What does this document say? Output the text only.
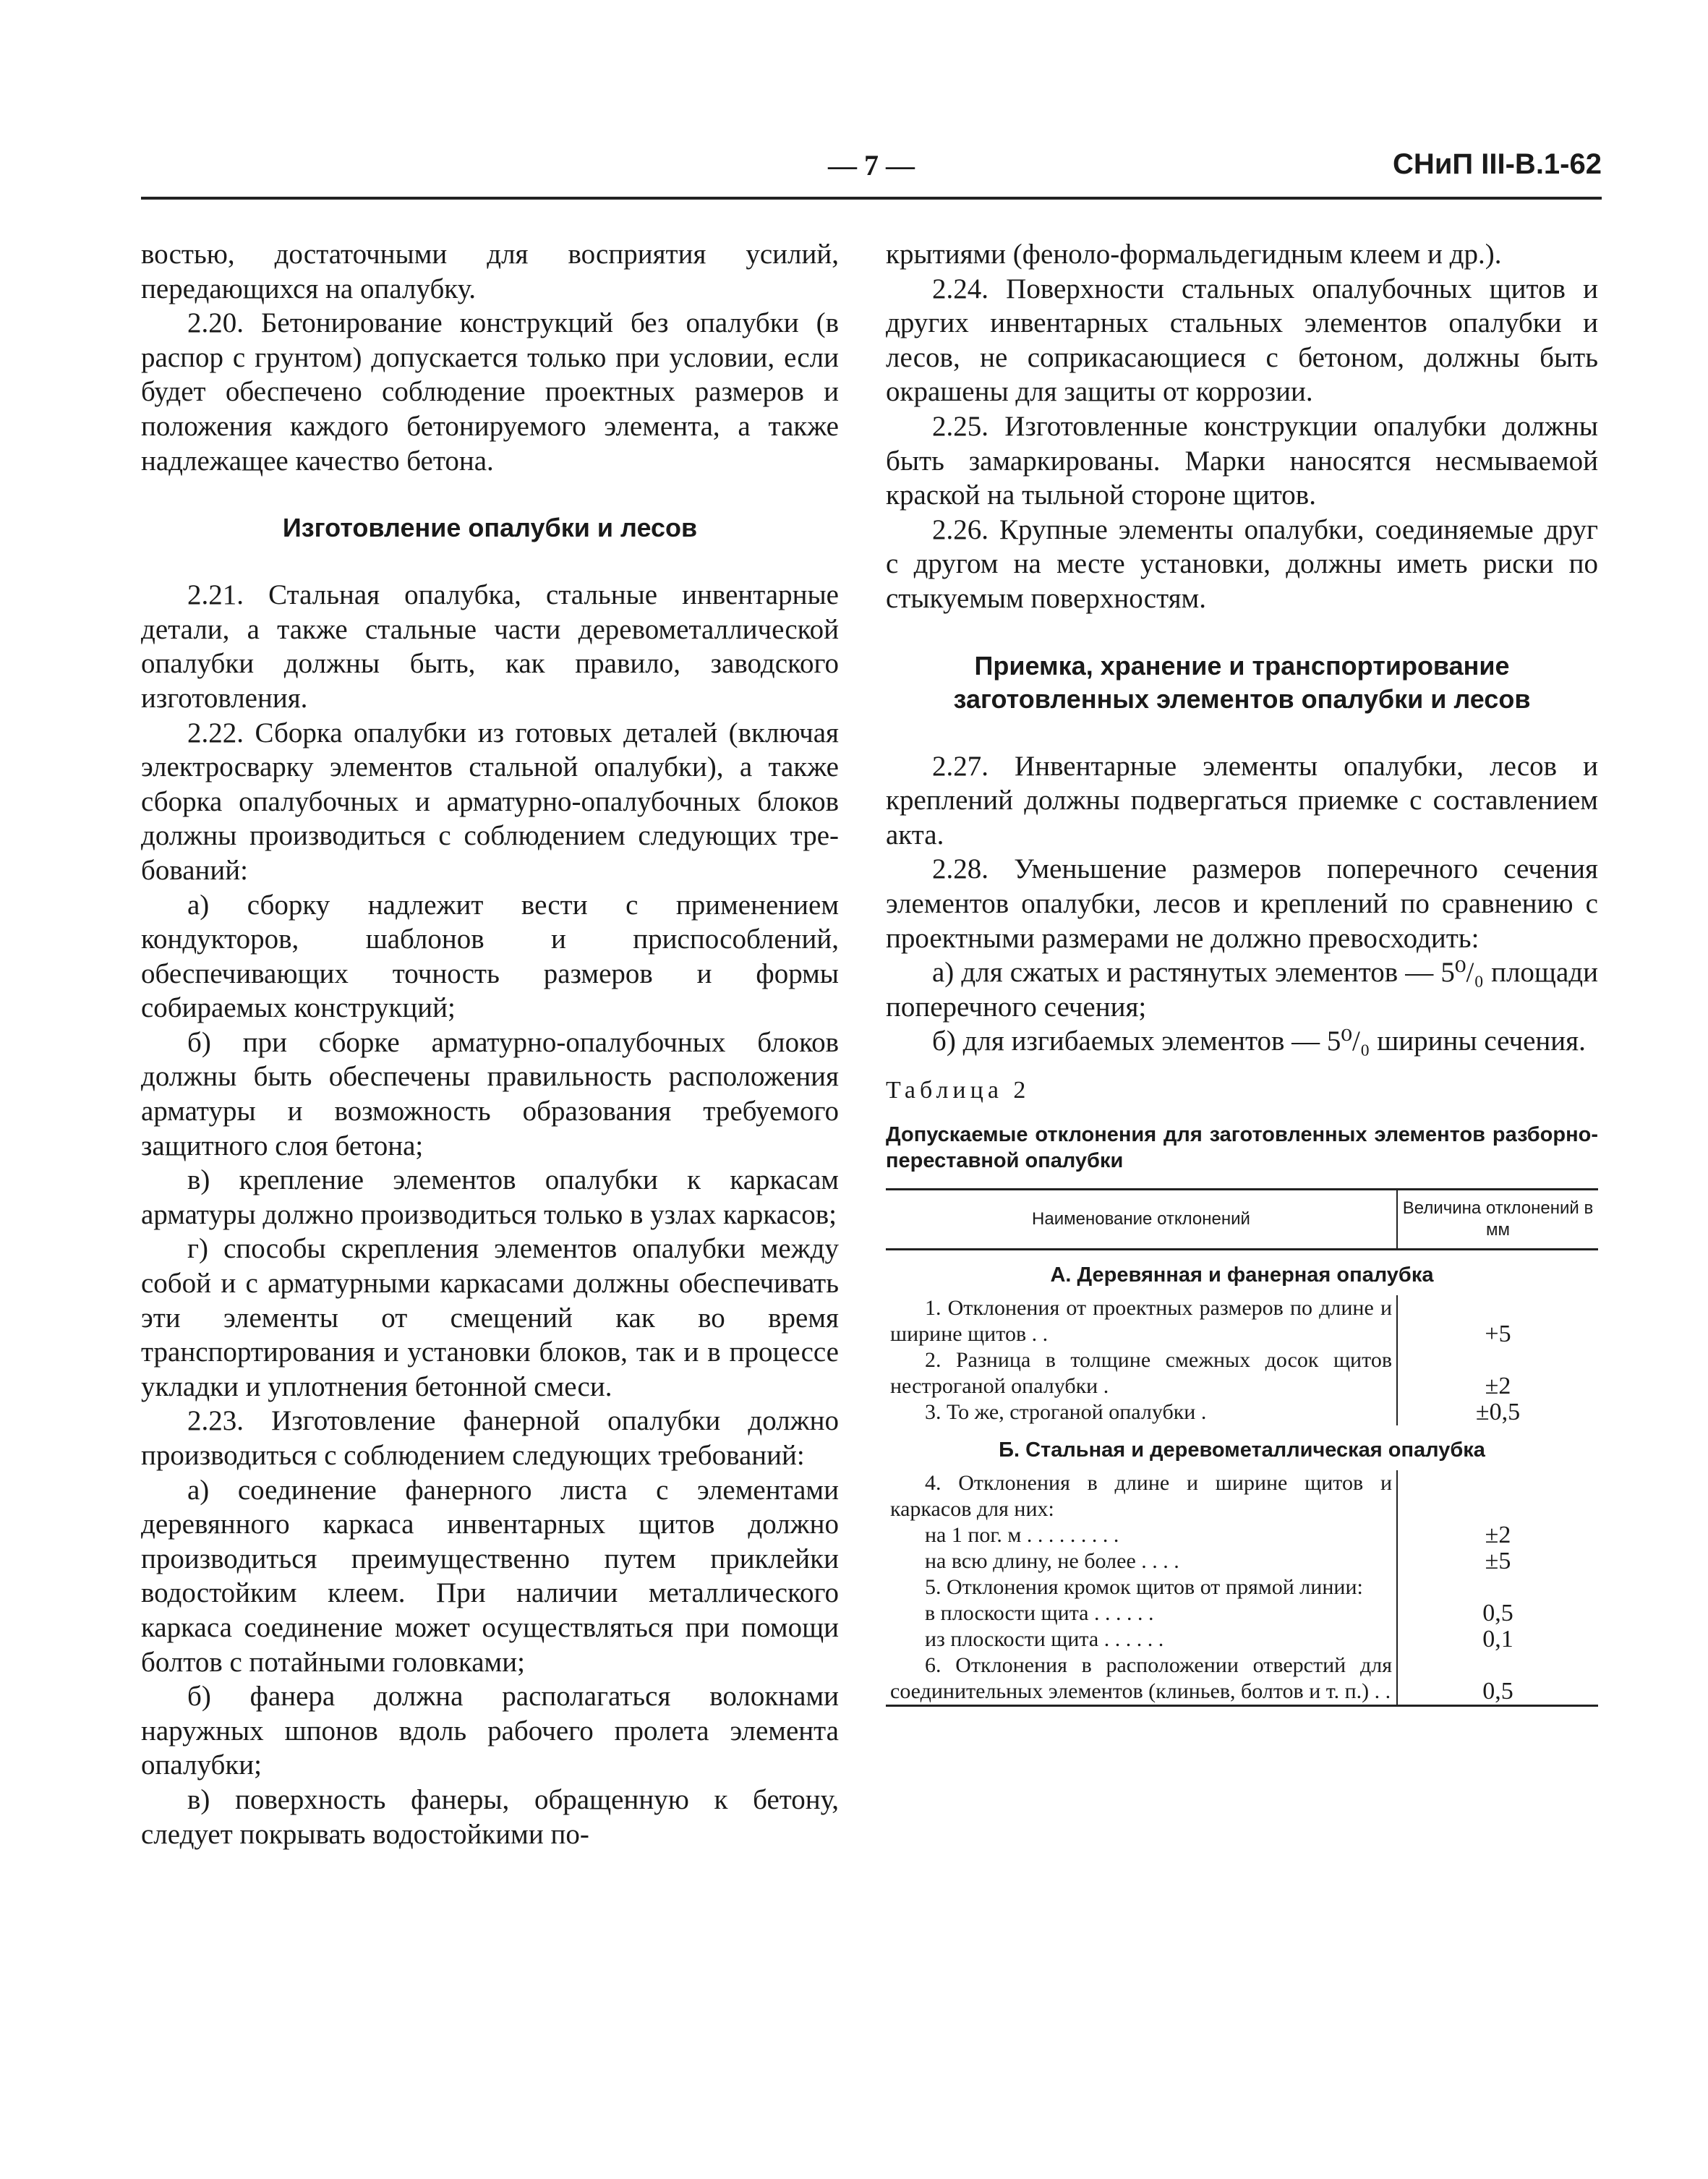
— 7 —	СНиП III-В.1-62

востью, достаточными для восприятия усилий, передающихся на опалубку.

2.20. Бетонирование конструкций без опалубки (в распор с грунтом) допускается только при условии, если будет обеспечено соблюдение проектных размеров и положения каждого бетонируемого элемента, а также надлежащее качество бетона.

Изготовление опалубки и лесов

2.21. Стальная опалубка, стальные инвентарные детали, а также стальные части деревометаллической опалубки должны быть, как правило, заводского изготовления.

2.22. Сборка опалубки из готовых деталей (включая электросварку элементов стальной опалубки), а также сборка опалубочных и арматурно-опалубочных блоков должны производиться с соблюдением следующих требований:

а) сборку надлежит вести с применением кондукторов, шаблонов и приспособлений, обеспечивающих точность размеров и формы собираемых конструкций;

б) при сборке арматурно-опалубочных блоков должны быть обеспечены правильность расположения арматуры и возможность образования требуемого защитного слоя бетона;

в) крепление элементов опалубки к каркасам арматуры должно производиться только в узлах каркасов;

г) способы скрепления элементов опалубки между собой и с арматурными каркасами должны обеспечивать эти элементы от смещений как во время транспортирования и установки блоков, так и в процессе укладки и уплотнения бетонной смеси.

2.23. Изготовление фанерной опалубки должно производиться с соблюдением следующих требований:

а) соединение фанерного листа с элементами деревянного каркаса инвентарных щитов должно производиться преимущественно путем приклейки водостойким клеем. При наличии металлического каркаса соединение может осуществляться при помощи болтов с потайными головками;

б) фанера должна располагаться волокнами наружных шпонов вдоль рабочего пролета элемента опалубки;

в) поверхность фанеры, обращенную к бетону, следует покрывать водостойкими по-

крытиями (феноло-формальдегидным клеем и др.).

2.24. Поверхности стальных опалубочных щитов и других инвентарных стальных элементов опалубки и лесов, не соприкасающиеся с бетоном, должны быть окрашены для защиты от коррозии.

2.25. Изготовленные конструкции опалубки должны быть замаркированы. Марки наносятся несмываемой краской на тыльной стороне щитов.

2.26. Крупные элементы опалубки, соединяемые друг с другом на месте установки, должны иметь риски по стыкуемым поверхностям.

Приемка, хранение и транспортирование заготовленных элементов опалубки и лесов

2.27. Инвентарные элементы опалубки, лесов и креплений должны подвергаться приемке с составлением акта.

2.28. Уменьшение размеров поперечного сечения элементов опалубки, лесов и креплений по сравнению с проектными размерами не должно превосходить:

а) для сжатых и растянутых элементов — 5⁰/₀ площади поперечного сечения;

б) для изгибаемых элементов — 5⁰/₀ ширины сечения.

Таблица 2

Допускаемые отклонения для заготовленных элементов разборно-переставной опалубки

Наименование отклонений	Величина отклонений в мм
А. Деревянная и фанерная опалубка	
1. Отклонения от проектных размеров по длине и ширине щитов . .	+5
2. Разница в толщине смежных досок щитов нестроганой опалубки .	±2
3. То же, строганой опалубки .	±0,5
Б. Стальная и деревометаллическая опалубка	
4. Отклонения в длине и ширине щитов и каркасов для них:	
на 1 пог. м . . . . . . . . .	±2
на всю длину, не более . . . .	±5
5. Отклонения кромок щитов от прямой линии:	
в плоскости щита . . . . . .	0,5
из плоскости щита . . . . . .	0,1
6. Отклонения в расположении отверстий для соединительных элементов (клиньев, болтов и т. п.) . .	0,5
